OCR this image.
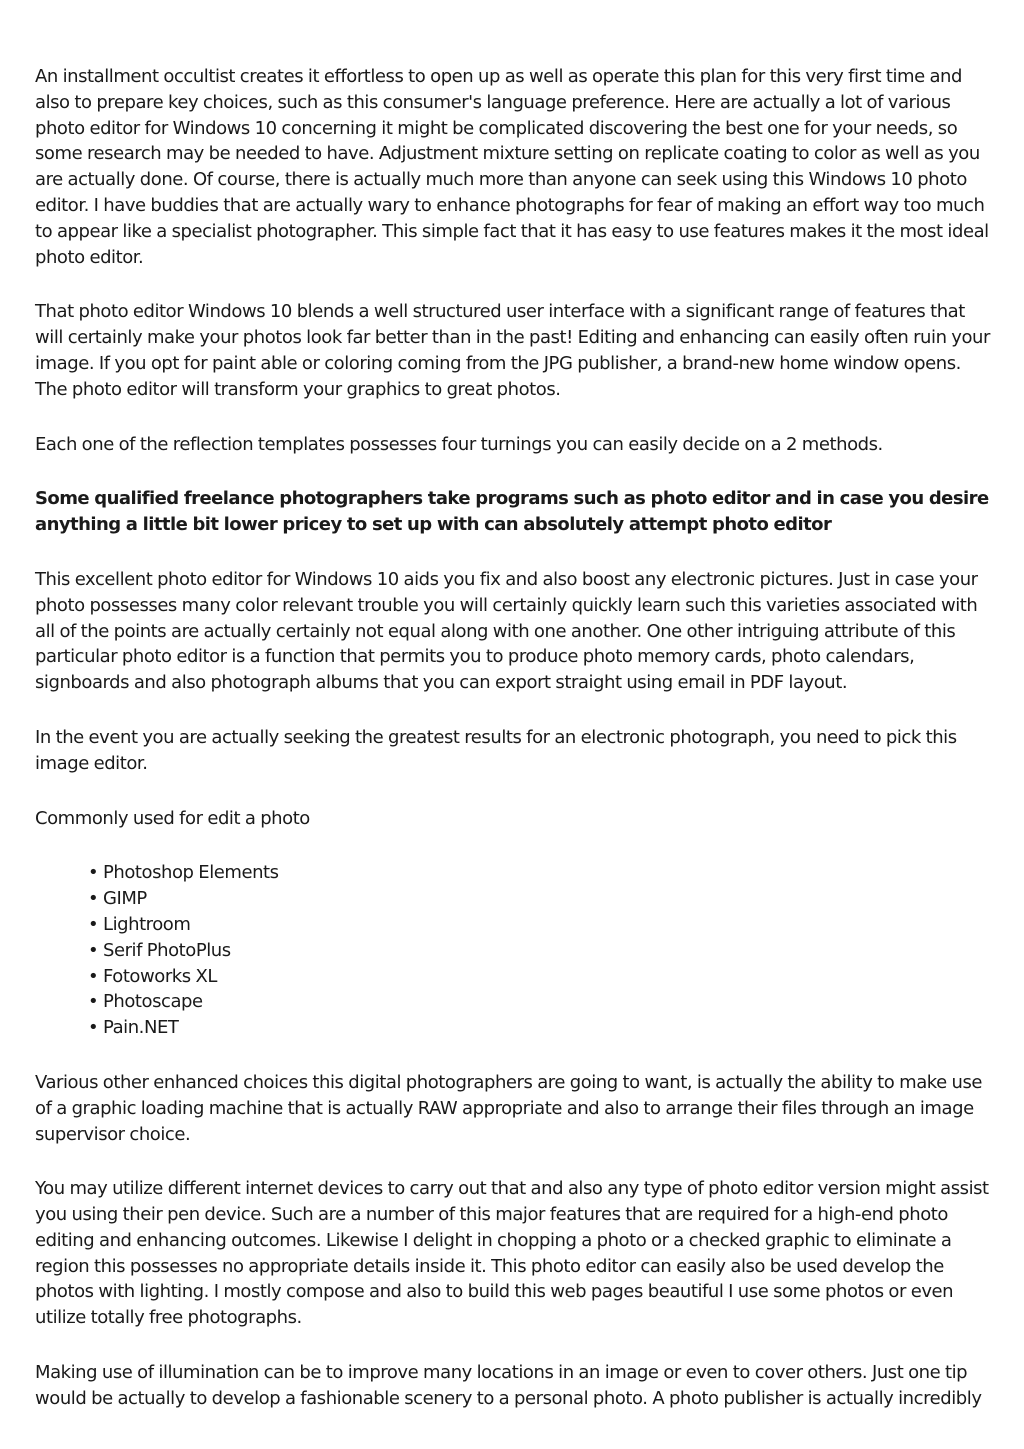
An installment occultist creates it effortless to open up as well as operate this plan for this very first time and also to prepare key choices, such as this consumer's language preference. Here are actually a lot of various photo editor for Windows 10 concerning it might be complicated discovering the best one for your needs, so some research may be needed to have. Adjustment mixture setting on replicate coating to color as well as you are actually done. Of course, there is actually much more than anyone can seek using this Windows 10 photo editor. I have buddies that are actually wary to enhance photographs for fear of making an effort way too much to appear like a specialist photographer. This simple fact that it has easy to use features makes it the most ideal photo editor.

That photo editor Windows 10 blends a well structured user interface with a significant range of features that will certainly make your photos look far better than in the past! Editing and enhancing can easily often ruin your image. If you opt for paint able or coloring coming from the JPG publisher, a brand-new home window opens. The photo editor will transform your graphics to great photos.

Each one of the reflection templates possesses four turnings you can easily decide on a 2 methods.

Some qualified freelance photographers take programs such as photo editor and in case you desire anything a little bit lower pricey to set up with can absolutely attempt photo editor

This excellent photo editor for Windows 10 aids you fix and also boost any electronic pictures. Just in case your photo possesses many color relevant trouble you will certainly quickly learn such this varieties associated with all of the points are actually certainly not equal along with one another. One other intriguing attribute of this particular photo editor is a function that permits you to produce photo memory cards, photo calendars, signboards and also photograph albums that you can export straight using email in PDF layout.

In the event you are actually seeking the greatest results for an electronic photograph, you need to pick this image editor.

Commonly used for edit a photo

• Photoshop Elements
• GIMP
• Lightroom
• Serif PhotoPlus
• Fotoworks XL
• Photoscape
• Pain.NET

Various other enhanced choices this digital photographers are going to want, is actually the ability to make use of a graphic loading machine that is actually RAW appropriate and also to arrange their files through an image supervisor choice.

You may utilize different internet devices to carry out that and also any type of photo editor version might assist you using their pen device. Such are a number of this major features that are required for a high-end photo editing and enhancing outcomes. Likewise I delight in chopping a photo or a checked graphic to eliminate a region this possesses no appropriate details inside it. This photo editor can easily also be used develop the photos with lighting. I mostly compose and also to build this web pages beautiful I use some photos or even utilize totally free photographs.

Making use of illumination can be to improve many locations in an image or even to cover others. Just one tip would be actually to develop a fashionable scenery to a personal photo. A photo publisher is actually incredibly
